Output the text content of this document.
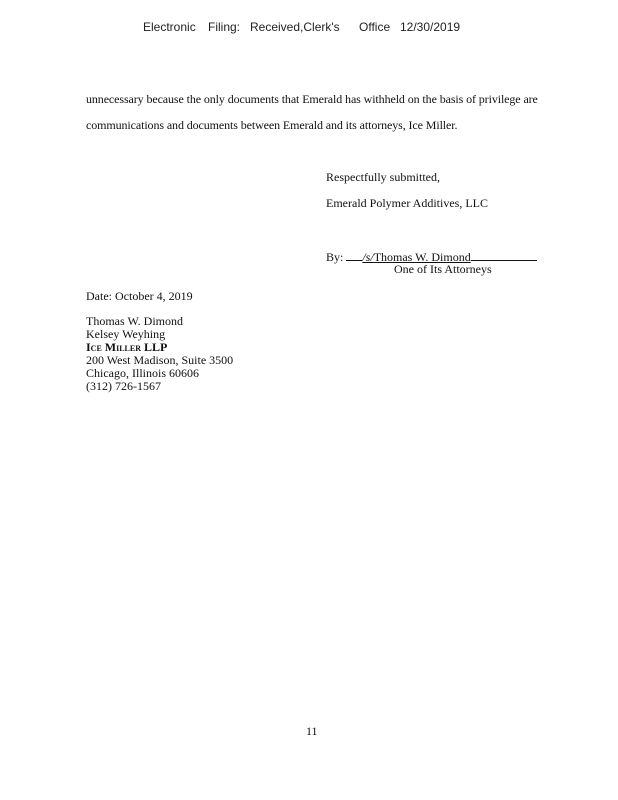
Electronic Filing: Received,Clerk's Office 12/30/2019
unnecessary because the only documents that Emerald has withheld on the basis of privilege are
communications and documents between Emerald and its attorneys, Ice Miller.
Respectfully submitted,
Emerald Polymer Additives, LLC
By: /s/Thomas W. Dimond
One of Its Attorneys
Date: October 4, 2019
Thomas W. Dimond
Kelsey Weyhing
Ice Miller LLP
200 West Madison, Suite 3500
Chicago, Illinois 60606
(312) 726-1567
11
